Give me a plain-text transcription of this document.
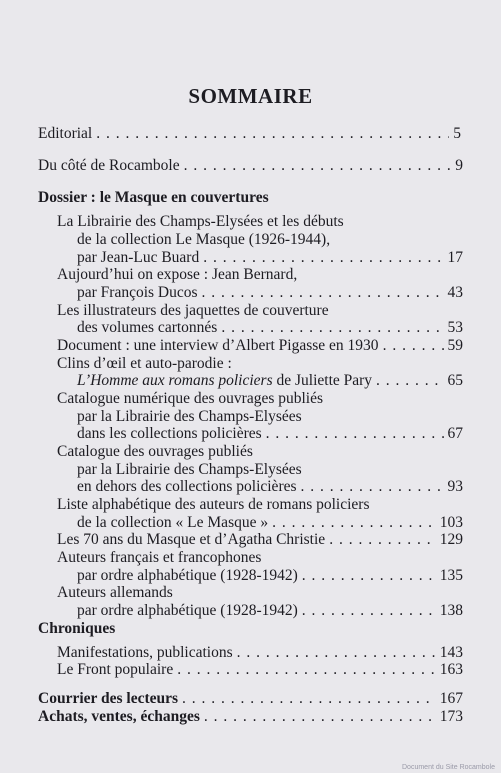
SOMMAIRE
Editorial . . .	5
Du côté de Rocambole . . .	9
Dossier : le Masque en couvertures
La Librairie des Champs-Elysées et les débuts
de la collection Le Masque (1926-1944),
par Jean-Luc Buard . . .	17
Aujourd’hui on expose : Jean Bernard,
par François Ducos . . .	43
Les illustrateurs des jaquettes de couverture
des volumes cartonnés . . .	53
Document : une interview d’Albert Pigasse en 1930 . . .	59
Clins d’œil et auto-parodie :
L’Homme aux romans policiers de Juliette Pary . . .	65
Catalogue numérique des ouvrages publiés
par la Librairie des Champs-Elysées
dans les collections policières . . .	67
Catalogue des ouvrages publiés
par la Librairie des Champs-Elysées
en dehors des collections policières . . .	93
Liste alphabétique des auteurs de romans policiers
de la collection « Le Masque » . . .	103
Les 70 ans du Masque et d’Agatha Christie . . .	129
Auteurs français et francophones
par ordre alphabétique (1928-1942) . . .	135
Auteurs allemands
par ordre alphabétique (1928-1942) . . .	138
Chroniques
Manifestations, publications . . .	143
Le Front populaire . . .	163
Courrier des lecteurs . . .	167
Achats, ventes, échanges . . .	173
Document du Site Rocambole
